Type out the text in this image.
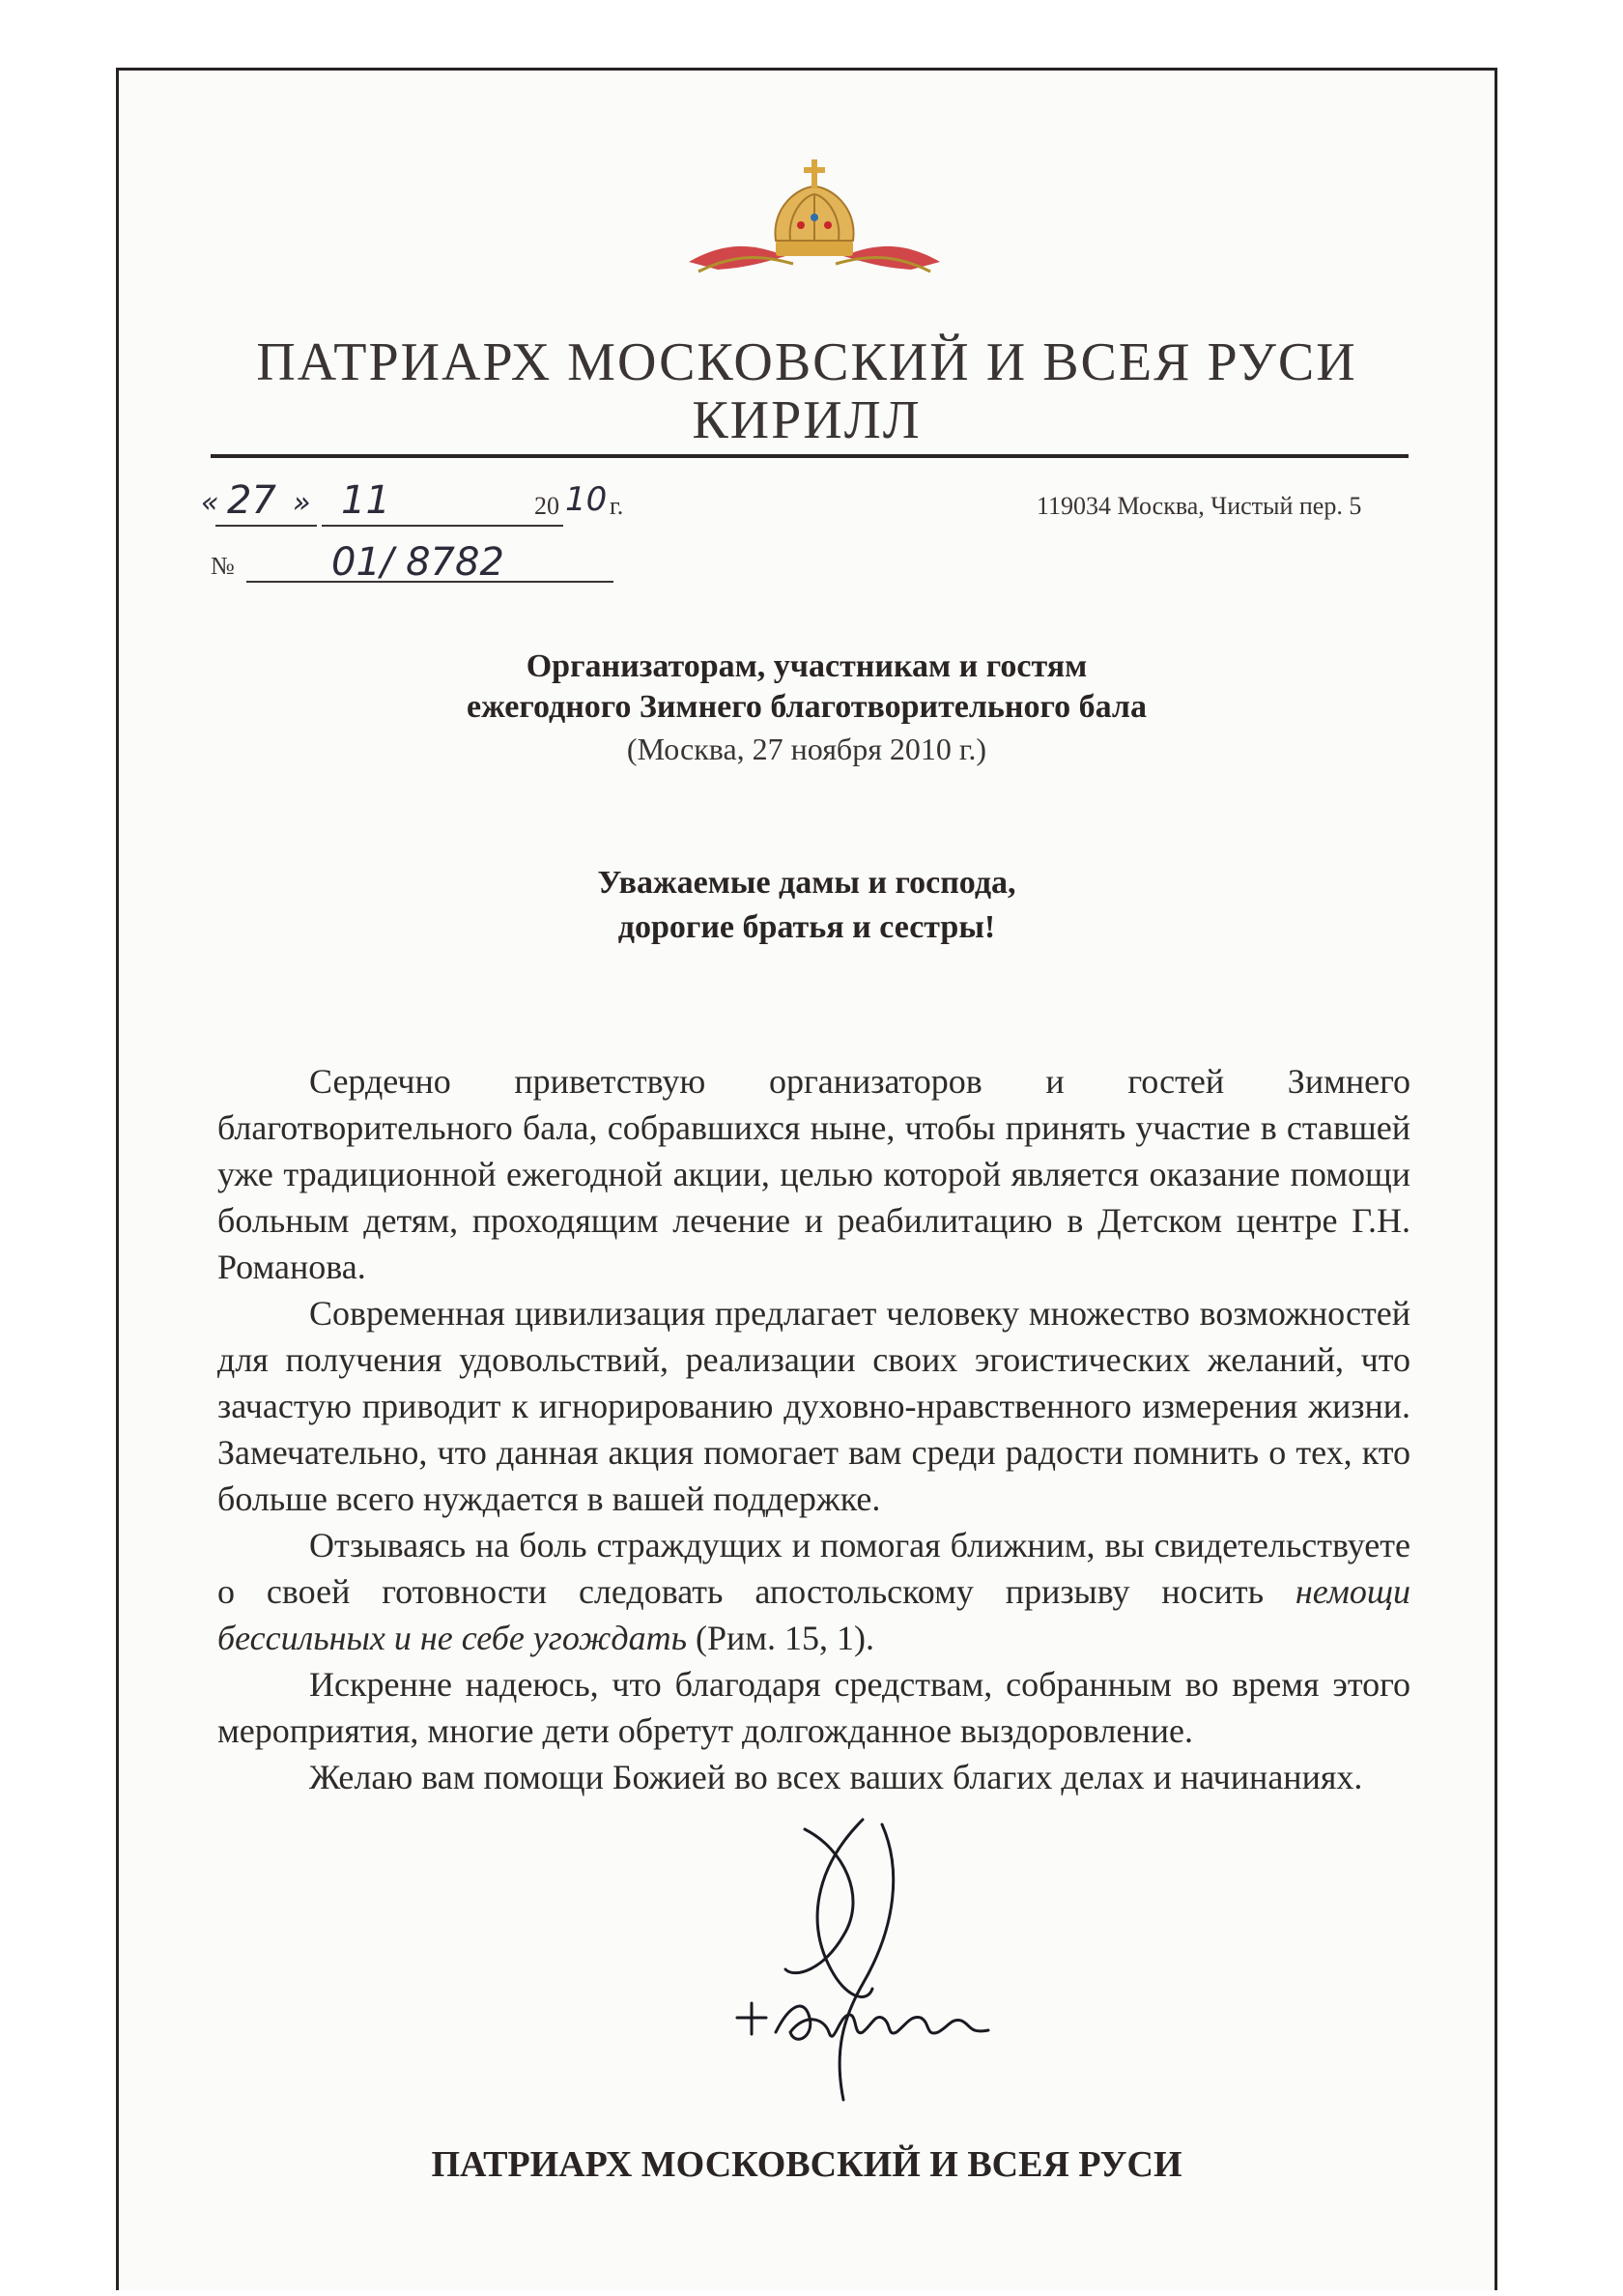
ПАТРИАРХ МОСКОВСКИЙ И ВСЕЯ РУСИ
КИРИЛЛ
« 27 » 11	20 10 г.	119034 Москва, Чистый пер. 5
№	01/ 8782
Организаторам, участникам и гостям
ежегодного Зимнего благотворительного бала
(Москва, 27 ноября 2010 г.)
Уважаемые дамы и господа,
дорогие братья и сестры!

Сердечно приветствую организаторов и гостей Зимнего благотворительного бала, собравшихся ныне, чтобы принять участие в ставшей уже традиционной ежегодной акции, целью которой является оказание помощи больным детям, проходящим лечение и реабилитацию в Детском центре Г.Н. Романова.

Современная цивилизация предлагает человеку множество возможностей для получения удовольствий, реализации своих эгоистических желаний, что зачастую приводит к игнорированию духовно-нравственного измерения жизни. Замечательно, что данная акция помогает вам среди радости помнить о тех, кто больше всего нуждается в вашей поддержке.

Отзываясь на боль страждущих и помогая ближним, вы свидетельствуете о своей готовности следовать апостольскому призыву носить немощи бессильных и не себе угождать (Рим. 15, 1).

Искренне надеюсь, что благодаря средствам, собранным во время этого мероприятия, многие дети обретут долгожданное выздоровление.

Желаю вам помощи Божией во всех ваших благих делах и начинаниях.

ПАТРИАРХ МОСКОВСКИЙ И ВСЕЯ РУСИ
